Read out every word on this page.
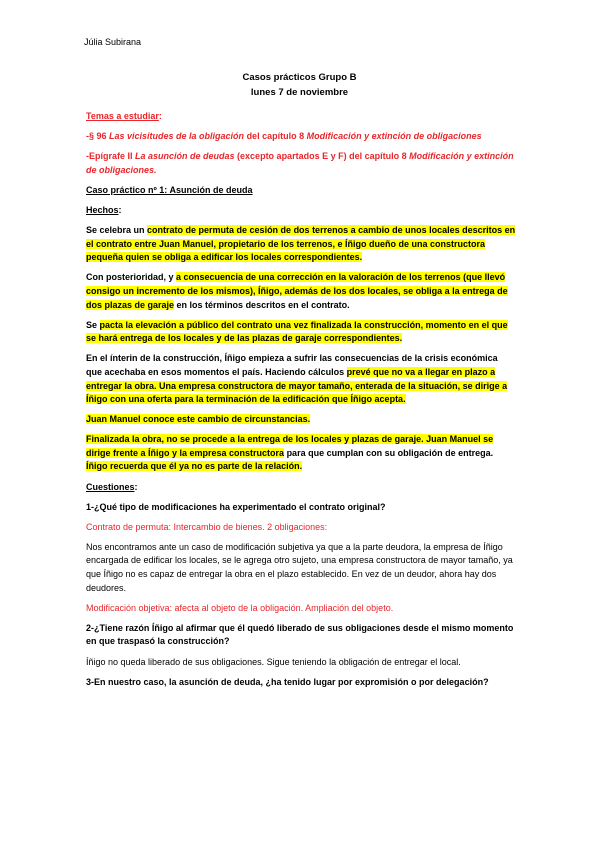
Júlia Subirana
Casos prácticos Grupo B
lunes 7 de noviembre

Temas a estudiar:

-§ 96 Las vicisitudes de la obligación del capítulo 8 Modificación y extinción de obligaciones

-Epígrafe II La asunción de deudas (excepto apartados E y F) del capítulo 8 Modificación y extinción de obligaciones.

Caso práctico nº 1: Asunción de deuda

Hechos:

Se celebra un contrato de permuta de cesión de dos terrenos a cambio de unos locales descritos en el contrato entre Juan Manuel, propietario de los terrenos, e Íñigo dueño de una constructora pequeña quien se obliga a edificar los locales correspondientes.

Con posterioridad, y a consecuencia de una corrección en la valoración de los terrenos (que llevó consigo un incremento de los mismos), Íñigo, además de los dos locales, se obliga a la entrega de dos plazas de garaje en los términos descritos en el contrato.

Se pacta la elevación a público del contrato una vez finalizada la construcción, momento en el que se hará entrega de los locales y de las plazas de garaje correspondientes.

En el ínterin de la construcción, Íñigo empieza a sufrir las consecuencias de la crisis económica que acechaba en esos momentos el país. Haciendo cálculos prevé que no va a llegar en plazo a entregar la obra. Una empresa constructora de mayor tamaño, enterada de la situación, se dirige a Íñigo con una oferta para la terminación de la edificación que Íñigo acepta.

Juan Manuel conoce este cambio de circunstancias.

Finalizada la obra, no se procede a la entrega de los locales y plazas de garaje. Juan Manuel se dirige frente a Íñigo y la empresa constructora para que cumplan con su obligación de entrega. Íñigo recuerda que él ya no es parte de la relación.

Cuestiones:

1-¿Qué tipo de modificaciones ha experimentado el contrato original?

Contrato de permuta: Intercambio de bienes. 2 obligaciones:

Nos encontramos ante un caso de modificación subjetiva ya que a la parte deudora, la empresa de Íñigo encargada de edificar los locales, se le agrega otro sujeto, una empresa constructora de mayor tamaño, ya que Íñigo no es capaz de entregar la obra en el plazo establecido. En vez de un deudor, ahora hay dos deudores.

Modificación objetiva: afecta al objeto de la obligación. Ampliación del objeto.

2-¿Tiene razón Íñigo al afirmar que él quedó liberado de sus obligaciones desde el mismo momento en que traspasó la construcción?

Íñigo no queda liberado de sus obligaciones. Sigue teniendo la obligación de entregar el local.

3-En nuestro caso, la asunción de deuda, ¿ha tenido lugar por expromisión o por delegación?
